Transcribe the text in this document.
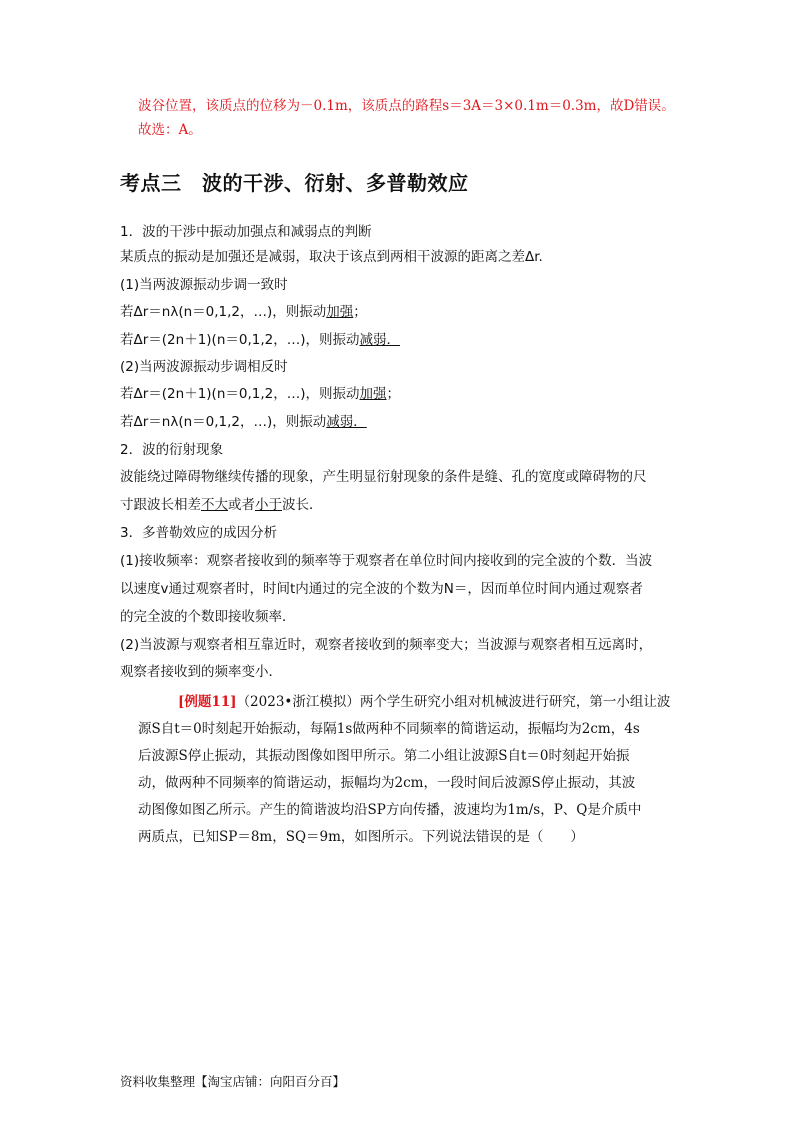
波谷位置，该质点的位移为－0.1m，该质点的路程s＝3A＝3×0.1m＝0.3m，故D错误。
故选：A。
考点三　波的干涉、衍射、多普勒效应
1．波的干涉中振动加强点和减弱点的判断
某质点的振动是加强还是减弱，取决于该点到两相干波源的距离之差Δr.
(1)当两波源振动步调一致时
若Δr＝nλ(n＝0,1,2，…)，则振动加强；
若Δr＝(2n＋1)(n＝0,1,2，…)，则振动减弱．
(2)当两波源振动步调相反时
若Δr＝(2n＋1)(n＝0,1,2，…)，则振动加强；
若Δr＝nλ(n＝0,1,2，…)，则振动减弱．
2．波的衍射现象
波能绕过障碍物继续传播的现象，产生明显衍射现象的条件是缝、孔的宽度或障碍物的尺
寸跟波长相差不大或者小于波长．
3．多普勒效应的成因分析
(1)接收频率：观察者接收到的频率等于观察者在单位时间内接收到的完全波的个数．当波
以速度v通过观察者时，时间t内通过的完全波的个数为N＝，因而单位时间内通过观察者
的完全波的个数即接收频率．
(2)当波源与观察者相互靠近时，观察者接收到的频率变大；当波源与观察者相互远离时，
观察者接收到的频率变小．
[例题11]（2023•浙江模拟）两个学生研究小组对机械波进行研究，第一小组让波
源S自t＝0时刻起开始振动，每隔1s做两种不同频率的简谐运动，振幅均为2cm，4s
后波源S停止振动，其振动图像如图甲所示。第二小组让波源S自t＝0时刻起开始振
动，做两种不同频率的简谐运动，振幅均为2cm，一段时间后波源S停止振动，其波
动图像如图乙所示。产生的简谐波均沿SP方向传播，波速均为1m/s，P、Q是介质中
两质点，已知SP＝8m，SQ＝9m，如图所示。下列说法错误的是（　　）
资料收集整理【淘宝店铺：向阳百分百】
